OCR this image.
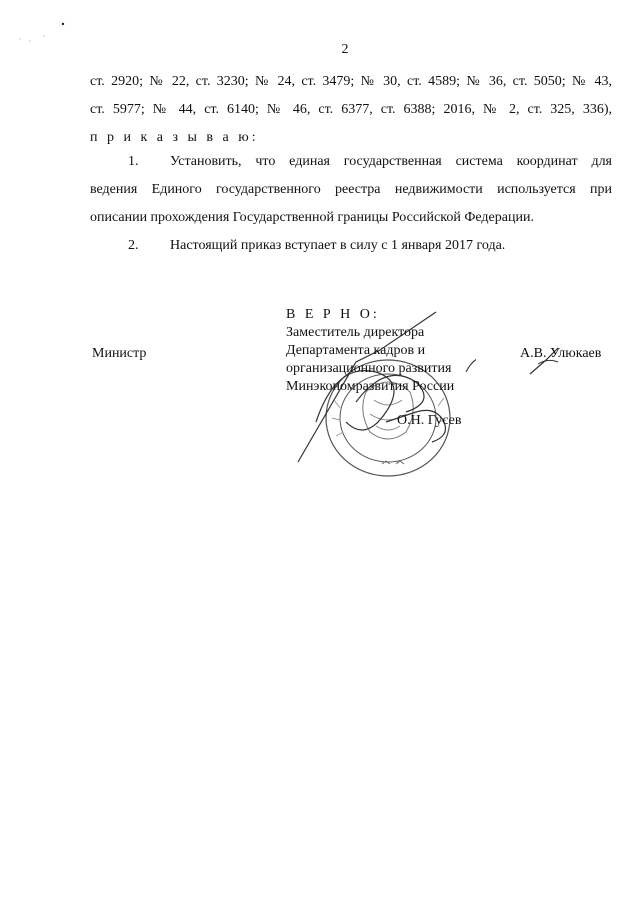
2
ст. 2920; № 22, ст. 3230; № 24, ст. 3479; № 30, ст. 4589; № 36, ст. 5050; № 43,
ст. 5977; № 44, ст. 6140; № 46, ст. 6377, ст. 6388; 2016, № 2, ст. 325, 336),
п р и к а з ы в а ю:
1.	Установить, что единая государственная система координат для
ведения Единого государственного реестра недвижимости используется при
описании прохождения Государственной границы Российской Федерации.
2.	Настоящий приказ вступает в силу с 1 января 2017 года.
Министр
В Е Р Н О:
Заместитель директора
Департамента кадров и
организационного развития
Минэкономразвития России
О.Н. Гусев
А.В. Улюкаев
